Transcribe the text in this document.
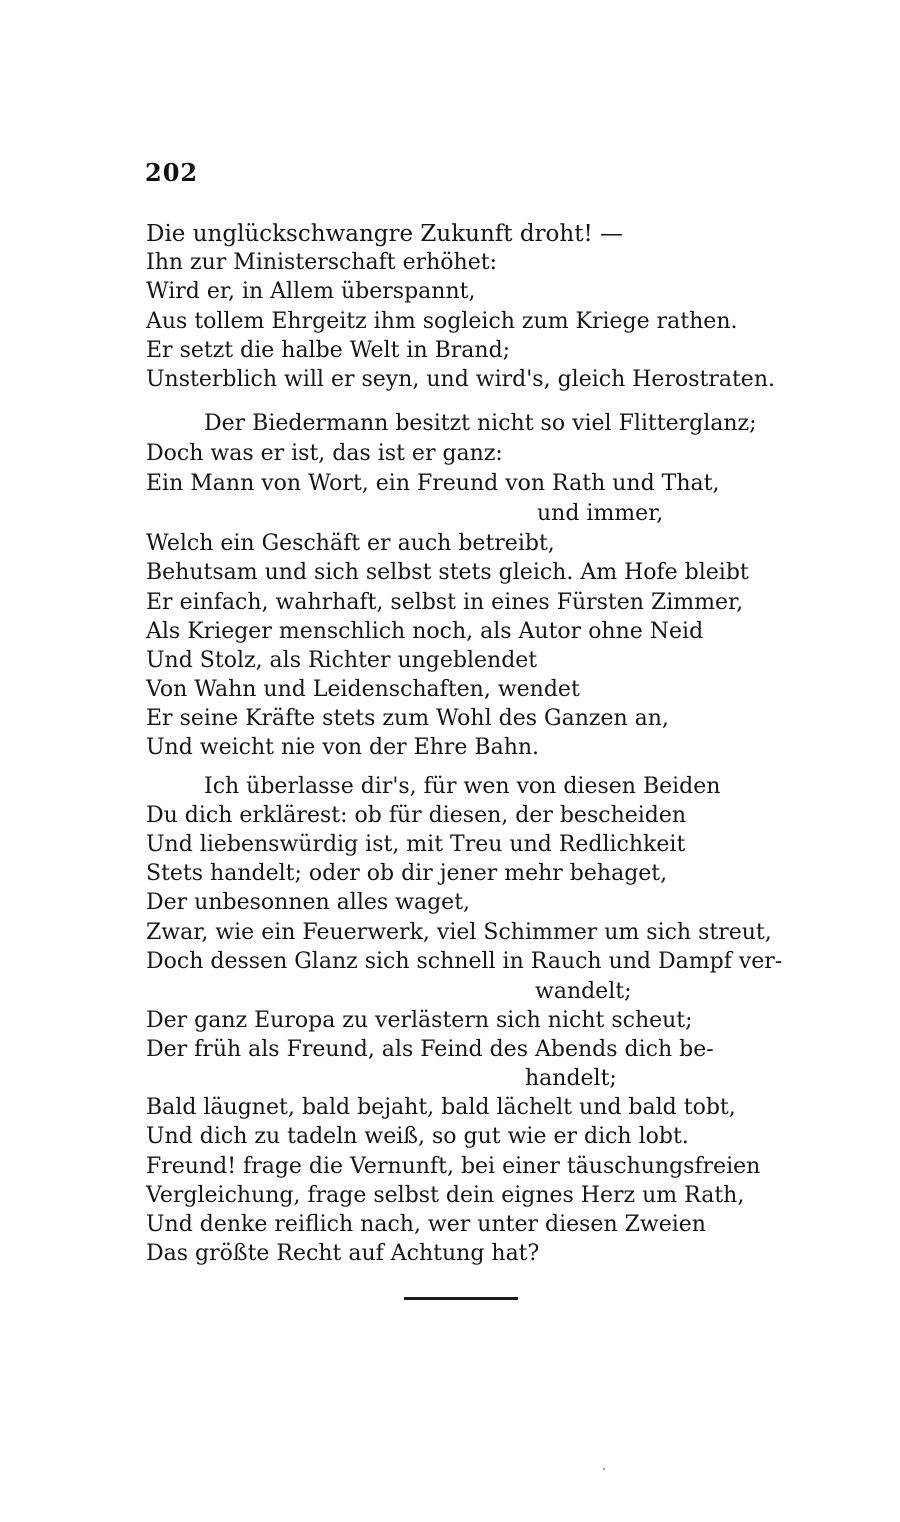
202
Die unglückschwangre Zukunft droht! —
Ihn zur Ministerschaft erhöhet:
Wird er, in Allem überspannt,
Aus tollem Ehrgeitz ihm sogleich zum Kriege rathen.
Er setzt die halbe Welt in Brand;
Unsterblich will er seyn, und wird's, gleich Herostraten.
Der Biedermann besitzt nicht so viel Flitterglanz;
Doch was er ist, das ist er ganz:
Ein Mann von Wort, ein Freund von Rath und That,
und immer,
Welch ein Geschäft er auch betreibt,
Behutsam und sich selbst stets gleich. Am Hofe bleibt
Er einfach, wahrhaft, selbst in eines Fürsten Zimmer,
Als Krieger menschlich noch, als Autor ohne Neid
Und Stolz, als Richter ungeblendet
Von Wahn und Leidenschaften, wendet
Er seine Kräfte stets zum Wohl des Ganzen an,
Und weicht nie von der Ehre Bahn.
Ich überlasse dir's, für wen von diesen Beiden
Du dich erklärest: ob für diesen, der bescheiden
Und liebenswürdig ist, mit Treu und Redlichkeit
Stets handelt; oder ob dir jener mehr behaget,
Der unbesonnen alles waget,
Zwar, wie ein Feuerwerk, viel Schimmer um sich streut,
Doch dessen Glanz sich schnell in Rauch und Dampf ver-
wandelt;
Der ganz Europa zu verlästern sich nicht scheut;
Der früh als Freund, als Feind des Abends dich be-
handelt;
Bald läugnet, bald bejaht, bald lächelt und bald tobt,
Und dich zu tadeln weiß, so gut wie er dich lobt.
Freund! frage die Vernunft, bei einer täuschungsfreien
Vergleichung, frage selbst dein eignes Herz um Rath,
Und denke reiflich nach, wer unter diesen Zweien
Das größte Recht auf Achtung hat?
